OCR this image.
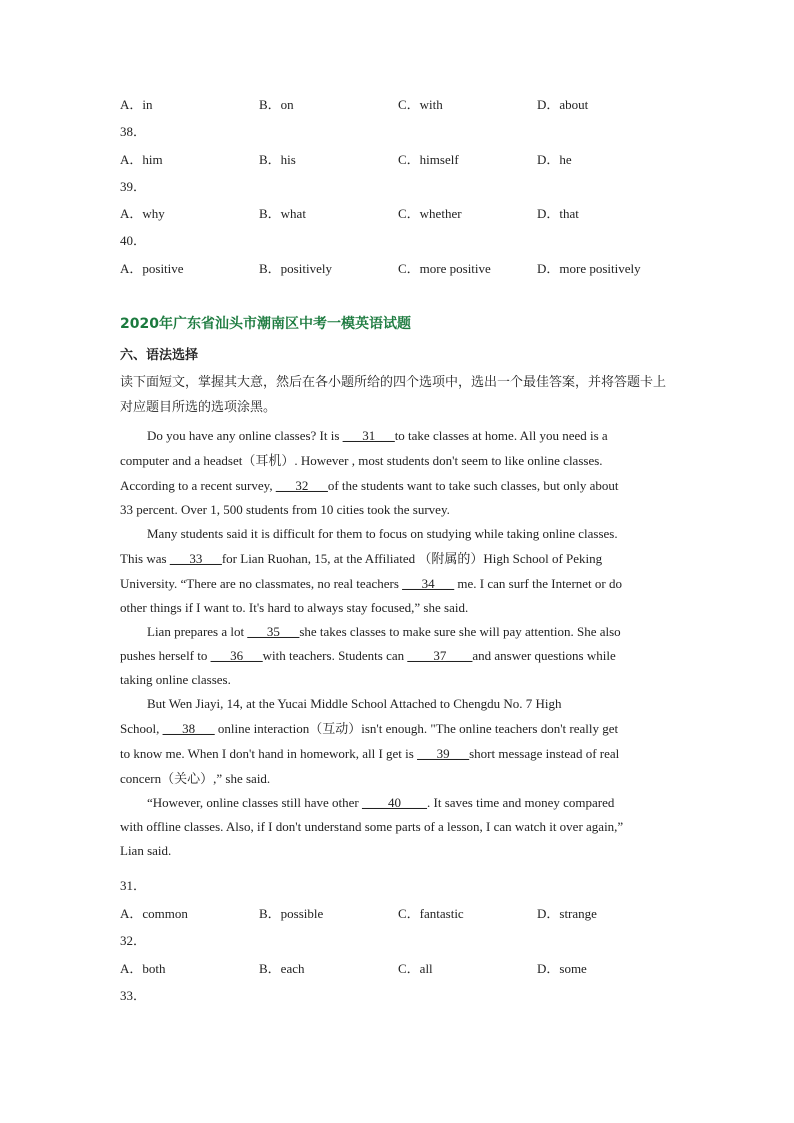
A．in	B．on	C．with	D．about
38．
A．him	B．his	C．himself	D．he
39．
A．why	B．what	C．whether	D．that
40．
A．positive	B．positively	C．more positive	D．more positively
2020年广东省汕头市潮南区中考一模英语试题
六、语法选择
读下面短文，掌握其大意，然后在各小题所给的四个选项中，选出一个最佳答案，并将答题卡上对应题目所选的选项涂黑。
Do you have any online classes? It is ___31___to take classes at home. All you need is a
computer and a headset（耳机）. However , most students don't seem to like online classes.
According to a recent survey, ___32___of the students want to take such classes, but only about
33 percent. Over 1, 500 students from 10 cities took the survey.
Many students said it is difficult for them to focus on studying while taking online classes.
This was ___33___for Lian Ruohan, 15, at the Affiliated （附属的）High School of Peking
University. “There are no classmates, no real teachers ___34___ me. I can surf the Internet or do
other things if I want to. It's hard to always stay focused,” she said.
Lian prepares a lot ___35___she takes classes to make sure she will pay attention. She also
pushes herself to ___36___with teachers. Students can ____37____and answer questions while
taking online classes.
But Wen Jiayi, 14, at the Yucai Middle School Attached to Chengdu No. 7 High
School, ___38___ online interaction（互动）isn't enough. "The online teachers don't really get
to know me. When I don't hand in homework, all I get is ___39___short message instead of real
concern（关心）,” she said.
“However, online classes still have other ____40____. It saves time and money compared
with offline classes. Also, if I don't understand some parts of a lesson, I can watch it over again,”
Lian said.
31．
A．common	B．possible	C．fantastic	D．strange
32．
A．both	B．each	C．all	D．some
33．
